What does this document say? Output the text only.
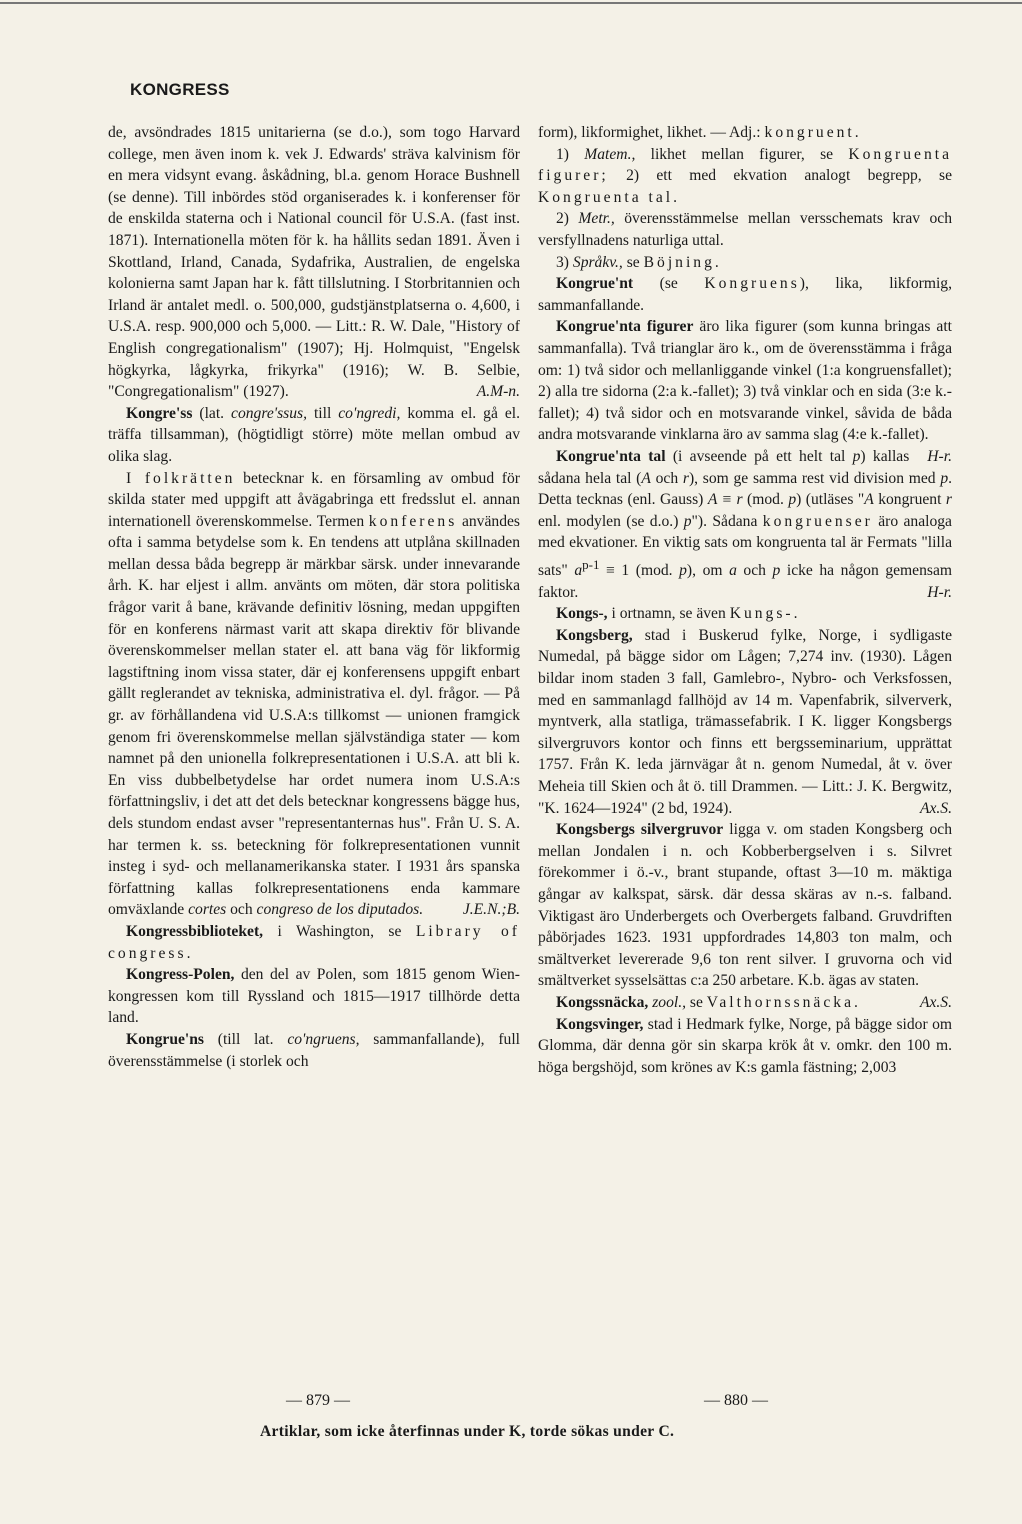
KONGRESS

de, avsöndrades 1815 unitarierna (se d.o.), som togo Harvard college, men även inom k. vek J. Edwards' sträva kalvinism för en mera vidsynt evang. åskådning, bl.a. genom Horace Bushnell (se denne). Till inbördes stöd organiserades k. i konferenser för de enskilda staterna och i National council för U.S.A. (fast inst. 1871). Internationella möten för k. ha hållits sedan 1891. Även i Skottland, Irland, Canada, Sydafrika, Australien, de engelska kolonierna samt Japan har k. fått tillslutning. I Storbritannien och Irland är antalet medl. o. 500,000, gudstjänstplatserna o. 4,600, i U.S.A. resp. 900,000 och 5,000. — Litt.: R. W. Dale, "History of English congregationalism" (1907); Hj. Holmquist, "Engelsk högkyrka, lågkyrka, frikyrka" (1916); W. B. Selbie, "Congregationalism" (1927).	A.M-n.

Kongre'ss (lat. congre'ssus, till co'ngredi, komma el. gå el. träffa tillsamman), (högtidligt större) möte mellan ombud av olika slag.

I folkrätten betecknar k. en församling av ombud för skilda stater med uppgift att åvägabringa ett fredsslut el. annan internationell överenskommelse. Termen konferens användes ofta i samma betydelse som k. En tendens att utplåna skillnaden mellan dessa båda begrepp är märkbar särsk. under innevarande årh. K. har eljest i allm. använts om möten, där stora politiska frågor varit å bane, krävande definitiv lösning, medan uppgiften för en konferens närmast varit att skapa direktiv för blivande överenskommelser mellan stater el. att bana väg för likformig lagstiftning inom vissa stater, där ej konferensens uppgift enbart gällt reglerandet av tekniska, administrativa el. dyl. frågor. — På gr. av förhållandena vid U.S.A:s tillkomst — unionen framgick genom fri överenskommelse mellan självständiga stater — kom namnet på den unionella folkrepresentationen i U.S.A. att bli k. En viss dubbelbetydelse har ordet numera inom U.S.A:s författningsliv, i det att det dels betecknar kongressens bägge hus, dels stundom endast avser "representanternas hus". Från U. S. A. har termen k. ss. beteckning för folkrepresentationen vunnit insteg i syd- och mellanamerikanska stater. I 1931 års spanska författning kallas folkrepresentationens enda kammare omväxlande cortes och congreso de los diputados.	J.E.N.;B.

Kongressbiblioteket, i Washington, se Library of congress.

Kongress-Polen, den del av Polen, som 1815 genom Wien-kongressen kom till Ryssland och 1815—1917 tillhörde detta land.

Kongrue'ns (till lat. co'ngruens, sammanfallande), full överensstämmelse (i storlek och

form), likformighet, likhet. — Adj.: kongruent.

1) Matem., likhet mellan figurer, se Kongruenta figurer; 2) ett med ekvation analogt begrepp, se Kongruenta tal.

2) Metr., överensstämmelse mellan versschemats krav och versfyllnadens naturliga uttal.

3) Språkv., se Böjning.

Kongrue'nt (se Kongruens), lika, likformig, sammanfallande.

Kongrue'nta figurer äro lika figurer (som kunna bringas att sammanfalla). Två trianglar äro k., om de överensstämma i fråga om: 1) två sidor och mellanliggande vinkel (1:a kongruensfallet); 2) alla tre sidorna (2:a k.-fallet); 3) två vinklar och en sida (3:e k.-fallet); 4) två sidor och en motsvarande vinkel, såvida de båda andra motsvarande vinklarna äro av samma slag (4:e k.-fallet).
H-r.

Kongrue'nta tal (i avseende på ett helt tal p) kallas sådana hela tal (A och r), som ge samma rest vid division med p. Detta tecknas (enl. Gauss) A ≡ r (mod. p) (utläses "A kongruent r enl. modylen (se d.o.) p"). Sådana kongruenser äro analoga med ekvationer. En viktig sats om kongruenta tal är Fermats "lilla sats" $a^{p-1} \equiv 1$ (mod. p), om a och p icke ha någon gemensam faktor.	H-r.

Kongs-, i ortnamn, se även Kungs-.

Kongsberg, stad i Buskerud fylke, Norge, i sydligaste Numedal, på bägge sidor om Lågen; 7,274 inv. (1930). Lågen bildar inom staden 3 fall, Gamlebro-, Nybro- och Verksfossen, med en sammanlagd fallhöjd av 14 m. Vapenfabrik, silververk, myntverk, alla statliga, trämassefabrik. I K. ligger Kongsbergs silvergruvors kontor och finns ett bergsseminarium, upprättat 1757. Från K. leda järnvägar åt n. genom Numedal, åt v. över Meheia till Skien och åt ö. till Drammen. — Litt.: J. K. Bergwitz, "K. 1624—1924" (2 bd, 1924).	Ax.S.

Kongsbergs silvergruvor ligga v. om staden Kongsberg och mellan Jondalen i n. och Kobberbergselven i s. Silvret förekommer i ö.-v., brant stupande, oftast 3—10 m. mäktiga gångar av kalkspat, särsk. där dessa skäras av n.-s. falband. Viktigast äro Underbergets och Overbergets falband. Gruvdriften påbörjades 1623. 1931 uppfordrades 14,803 ton malm, och smältverket levererade 9,6 ton rent silver. I gruvorna och vid smältverket sysselsättas c:a 250 arbetare. K.b. ägas av staten.
Ax.S.

Kongssnäcka, zool., se Valthornssnäcka.

Kongsvinger, stad i Hedmark fylke, Norge, på bägge sidor om Glomma, där denna gör sin skarpa krök åt v. omkr. den 100 m. höga bergshöjd, som krönes av K:s gamla fästning; 2,003

— 879 —	— 880 —
Artiklar, som icke återfinnas under K, torde sökas under C.
